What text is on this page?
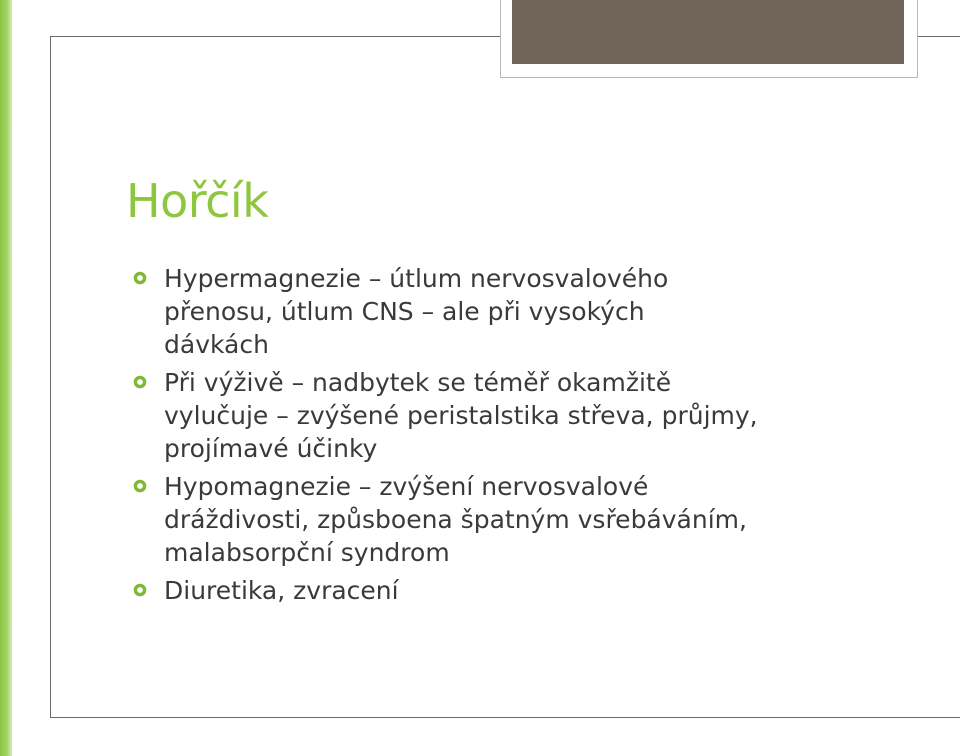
Hořčík
Hypermagnezie – útlum nervosvalového
přenosu, útlum CNS – ale při vysokých
dávkách
Při výživě – nadbytek se téměř okamžitě
vylučuje – zvýšené peristalstika střeva, průjmy,
projímavé účinky
Hypomagnezie – zvýšení nervosvalové
dráždivosti, způsboena špatným vsřebáváním,
malabsorpční syndrom
Diuretika, zvracení
